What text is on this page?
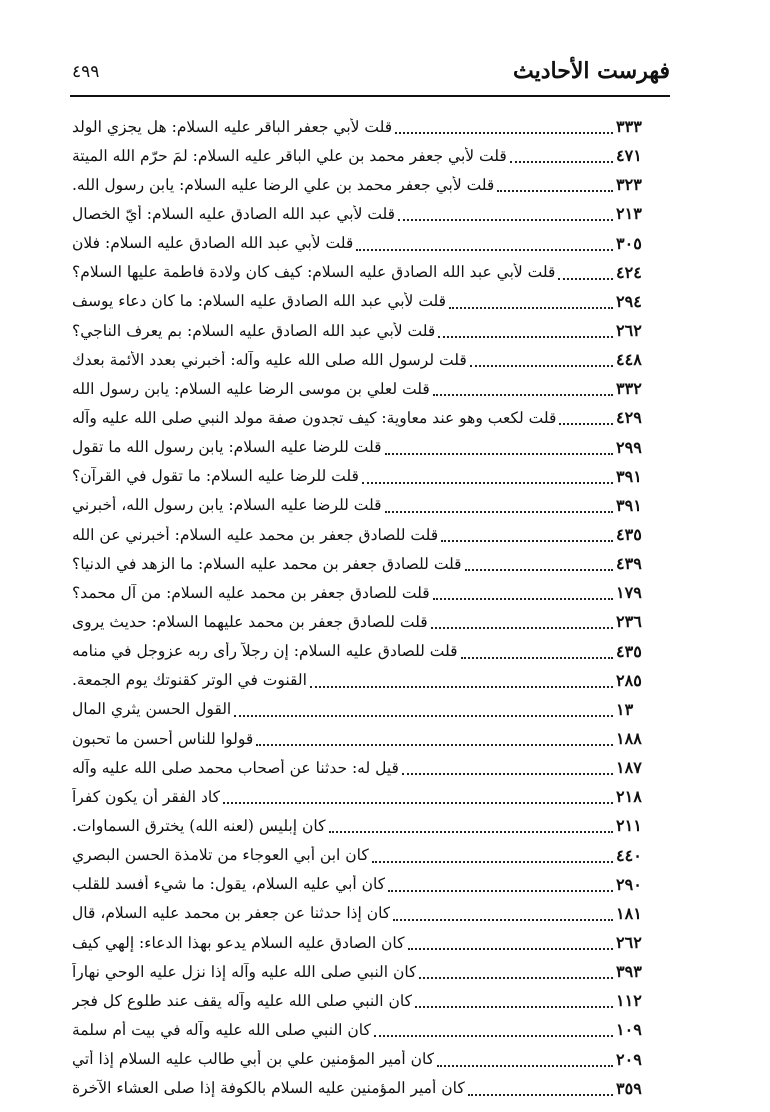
فهرست الأحاديث
٤٩٩
قلت لأبي جعفر الباقر عليه السلام: هل يجزي الولد	٣٣٣
قلت لأبي جعفر محمد بن علي الباقر عليه السلام: لمَ حرّم الله الميتة	٤٧١
قلت لأبي جعفر محمد بن علي الرضا عليه السلام: يابن رسول الله.	٣٢٣
قلت لأبي عبد الله الصادق عليه السلام: أيّ الخصال	٢١٣
قلت لأبي عبد الله الصادق عليه السلام: فلان	٣٠٥
قلت لأبي عبد الله الصادق عليه السلام: كيف كان ولادة فاطمة عليها السلام؟	٤٢٤
قلت لأبي عبد الله الصادق عليه السلام: ما كان دعاء يوسف	٢٩٤
قلت لأبي عبد الله الصادق عليه السلام: بم يعرف الناجي؟	٢٦٢
قلت لرسول الله صلى الله عليه وآله: أخبرني بعدد الأئمة بعدك	٤٤٨
قلت لعلي بن موسى الرضا عليه السلام: يابن رسول الله	٣٣٢
قلت لكعب وهو عند معاوية: كيف تجدون صفة مولد النبي صلى الله عليه وآله	٤٢٩
قلت للرضا عليه السلام: يابن رسول الله ما تقول	٢٩٩
قلت للرضا عليه السلام: ما تقول في القرآن؟	٣٩١
قلت للرضا عليه السلام: يابن رسول الله، أخبرني	٣٩١
قلت للصادق جعفر بن محمد عليه السلام: أخبرني عن الله	٤٣٥
قلت للصادق جعفر بن محمد عليه السلام: ما الزهد في الدنيا؟	٤٣٩
قلت للصادق جعفر بن محمد عليه السلام: من آل محمد؟	١٧٩
قلت للصادق جعفر بن محمد عليهما السلام: حديث يروى	٢٣٦
قلت للصادق عليه السلام: إن رجلاً رأى ربه عزوجل في منامه	٤٣٥
القنوت في الوتر كقنوتك يوم الجمعة.	٢٨٥
القول الحسن يثري المال	١٣
قولوا للناس أحسن ما تحبون	١٨٨
قيل له: حدثنا عن أصحاب محمد صلى الله عليه وآله	١٨٧
كاد الفقر أن يكون كفراً	٢١٨
كان إبليس (لعنه الله) يخترق السماوات.	٢١١
كان ابن أبي العوجاء من تلامذة الحسن البصري	٤٤٠
كان أبي عليه السلام، يقول: ما شيء أفسد للقلب	٢٩٠
كان إذا حدثنا عن جعفر بن محمد عليه السلام، قال	١٨١
كان الصادق عليه السلام يدعو بهذا الدعاء: إلهي كيف	٢٦٢
كان النبي صلى الله عليه وآله إذا نزل عليه الوحي نهاراً	٣٩٣
كان النبي صلى الله عليه وآله يقف عند طلوع كل فجر	١١٢
كان النبي صلى الله عليه وآله في بيت أم سلمة	١٠٩
كان أمير المؤمنين علي بن أبي طالب عليه السلام إذا أتي	٢٠٩
كان أمير المؤمنين عليه السلام بالكوفة إذا صلى العشاء الآخرة	٣٥٩
